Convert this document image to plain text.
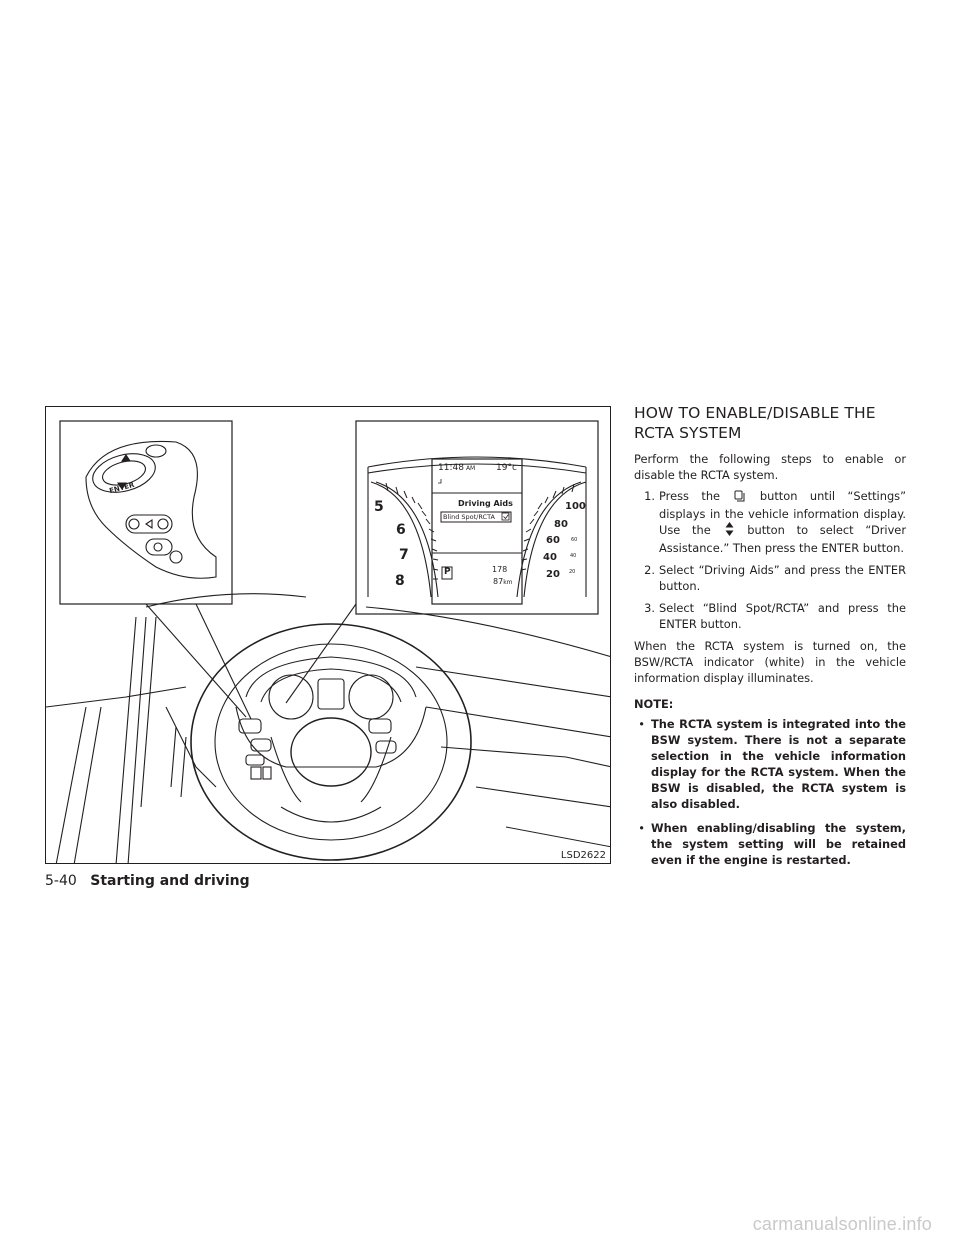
ENTER
11:48 AM 19°c
Driving Aids
Blind Spot/RCTA
P	178
87km
5
6
7
8
100
80
60
40
20
60
40
20
LSD2622
HOW TO ENABLE/DISABLE THE
RCTA SYSTEM

Perform the following steps to enable or disable the RCTA system.

1. Press the	button until “Settings” displays in the vehicle information display. Use the	button to select “Driver Assistance.” Then press the ENTER button.
2. Select “Driving Aids” and press the ENTER button.
3. Select “Blind Spot/RCTA” and press the ENTER button.

When the RCTA system is turned on, the BSW/RCTA indicator (white) in the vehicle information display illuminates.

NOTE:
• The RCTA system is integrated into the BSW system. There is not a separate selection in the vehicle information display for the RCTA system. When the BSW is disabled, the RCTA system is also disabled.
• When enabling/disabling the system, the system setting will be retained even if the engine is restarted.
5-40 Starting and driving
carmanualsonline.info
